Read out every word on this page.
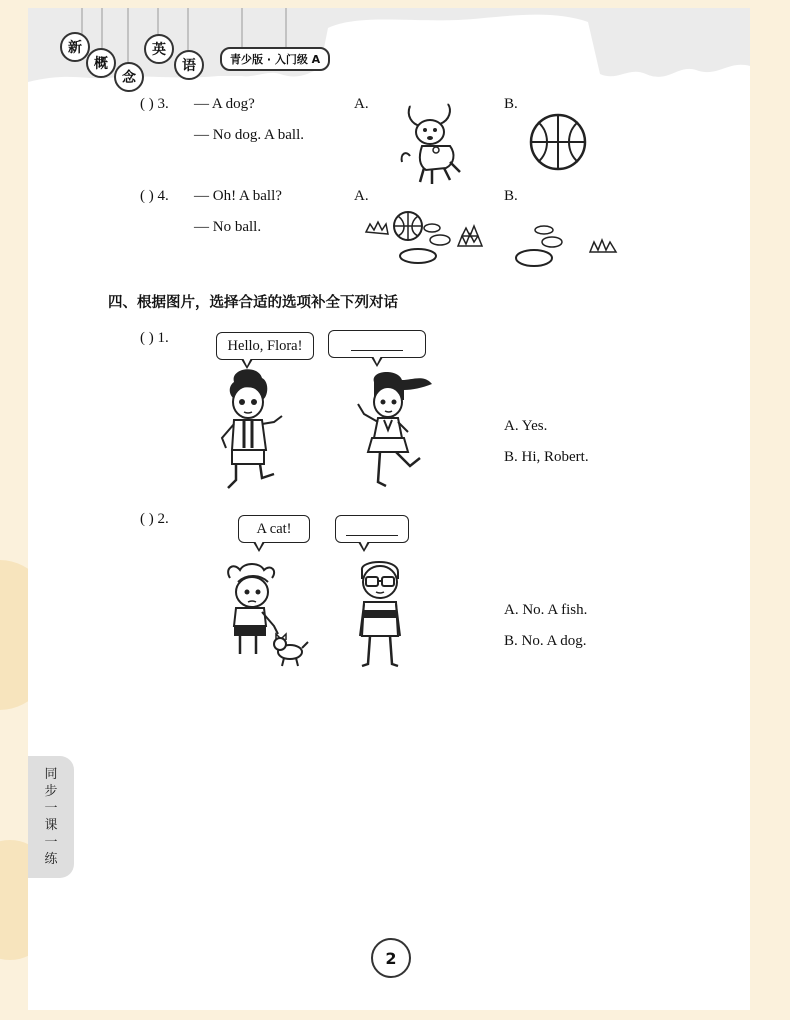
新
概
念
英
语	青少版 · 入门级 A
( ) 3. — A dog?
— No dog. A ball.
A.	B.
( ) 4. — Oh! A ball?
— No ball.
A.	B.
四、根据图片，选择合适的选项补全下列对话
( ) 1.	Hello, Flora!
A. Yes.
B. Hi, Robert.
( ) 2.
A cat!
A. No. A fish.
B. No. A dog.
同
步
一
课
一
练
2
